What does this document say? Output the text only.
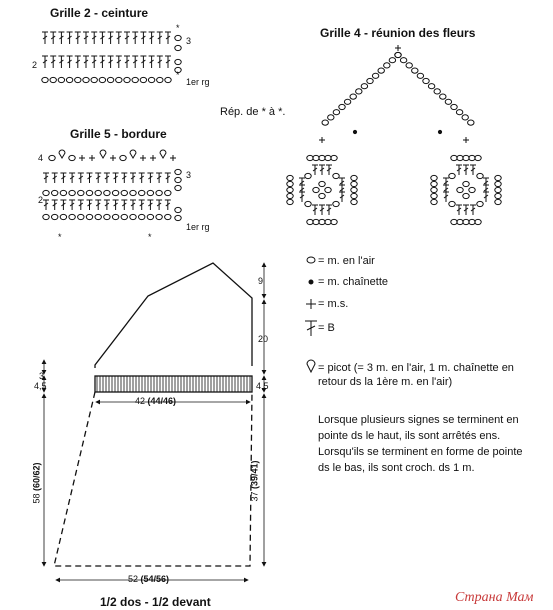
Grille 2 - ceinture
3
2
1er rg
*
*
Grille 5 - bordure
4
3
2
1er rg
*	*
Grille 4 - réunion des fleurs
Rép. de * à *.
= m. en l'air
= m. chaînette
= m.s.
= B
= picot (= 3 m. en l'air, 1 m. chaînette en
retour ds la 1ère m. en l'air)
Lorsque plusieurs signes se terminent en pointe ds le haut, ils sont arrêtés ens. Lorsqu'ils se terminent en forme de pointe ds le bas, ils sont croch. ds 1 m.
9
20
3
4,5	4,5
42 (44/46)
58 (60/62)
37 (39/41)
52 (54/56)
1/2 dos - 1/2 devant	Страна Мам
